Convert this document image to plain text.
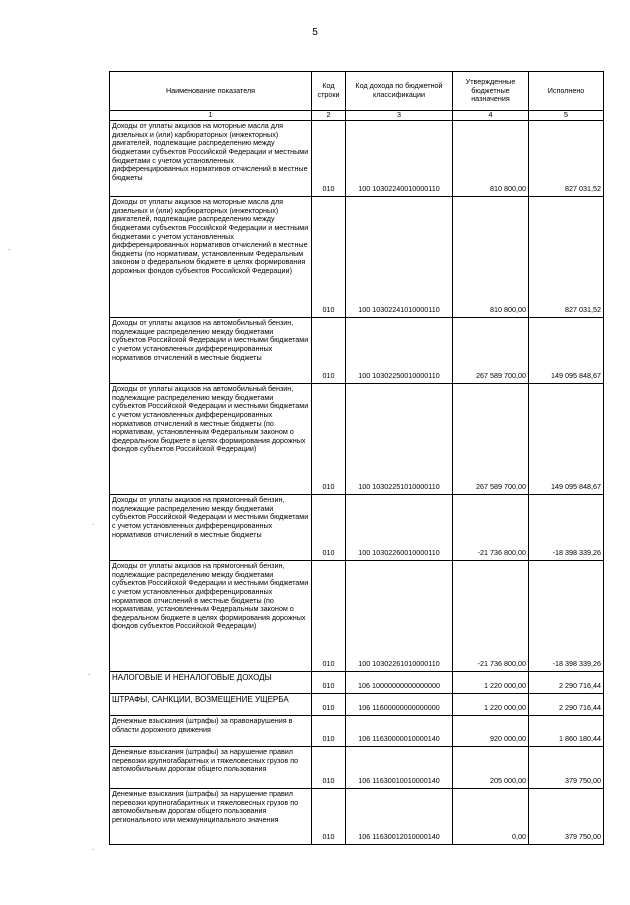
5
Наименование показателя	Код строки	Код дохода по бюджетной классификации	Утвержденные бюджетные назначения	Исполнено
1	2	3	4	5
Доходы от уплаты акцизов на моторные масла для дизельных и (или) карбюраторных (инжекторных) двигателей, подлежащие распределению между бюджетами субъектов Российской Федерации и местными бюджетами с учетом установленных дифференцированных нормативов отчислений в местные бюджеты	010	100 10302240010000110	810 800,00	827 031,52
Доходы от уплаты акцизов на моторные масла для дизельных и (или) карбюраторных (инжекторных) двигателей, подлежащие распределению между бюджетами субъектов Российской Федерации и местными бюджетами с учетом установленных дифференцированных нормативов отчислений в местные бюджеты (по нормативам, установленным Федеральным законом о федеральном бюджете в целях формирования дорожных фондов субъектов Российской Федерации)	010	100 10302241010000110	810 800,00	827 031,52
Доходы от уплаты акцизов на автомобильный бензин, подлежащие распределению между бюджетами субъектов Российской Федерации и местными бюджетами с учетом установленных дифференцированных нормативов отчислений в местные бюджеты	010	100 10302250010000110	267 589 700,00	149 095 848,67
Доходы от уплаты акцизов на автомобильный бензин, подлежащие распределению между бюджетами субъектов Российской Федерации и местными бюджетами с учетом установленных дифференцированных нормативов отчислений в местные бюджеты (по нормативам, установленным Федеральным законом о федеральном бюджете в целях формирования дорожных фондов субъектов Российской Федерации)	010	100 10302251010000110	267 589 700,00	149 095 848,67
Доходы от уплаты акцизов на прямогонный бензин, подлежащие распределению между бюджетами субъектов Российской Федерации и местными бюджетами с учетом установленных дифференцированных нормативов отчислений в местные бюджеты	010	100 10302260010000110	-21 736 800,00	-18 398 339,26
Доходы от уплаты акцизов на прямогонный бензин, подлежащие распределению между бюджетами субъектов Российской Федерации и местными бюджетами с учетом установленных дифференцированных нормативов отчислений в местные бюджеты (по нормативам, установленным Федеральным законом о федеральном бюджете в целях формирования дорожных фондов субъектов Российской Федерации)	010	100 10302261010000110	-21 736 800,00	-18 398 339,26
НАЛОГОВЫЕ И НЕНАЛОГОВЫЕ ДОХОДЫ	010	106 10000000000000000	1 220 000,00	2 290 716,44
ШТРАФЫ, САНКЦИИ, ВОЗМЕЩЕНИЕ УЩЕРБА	010	106 11600000000000000	1 220 000,00	2 290 716,44
Денежные взыскания (штрафы) за правонарушения в области дорожного движения	010	106 11630000010000140	920 000,00	1 860 180,44
Денежные взыскания (штрафы) за нарушение правил перевозки крупногабаритных и тяжеловесных грузов по автомобильным дорогам общего пользования	010	106 11630010010000140	205 000,00	379 750,00
Денежные взыскания (штрафы) за нарушение правил перевозки крупногабаритных и тяжеловесных грузов по автомобильным дорогам общего пользования регионального или межмуниципального значения	010	106 11630012010000140	0,00	379 750,00
.
.
.
.
